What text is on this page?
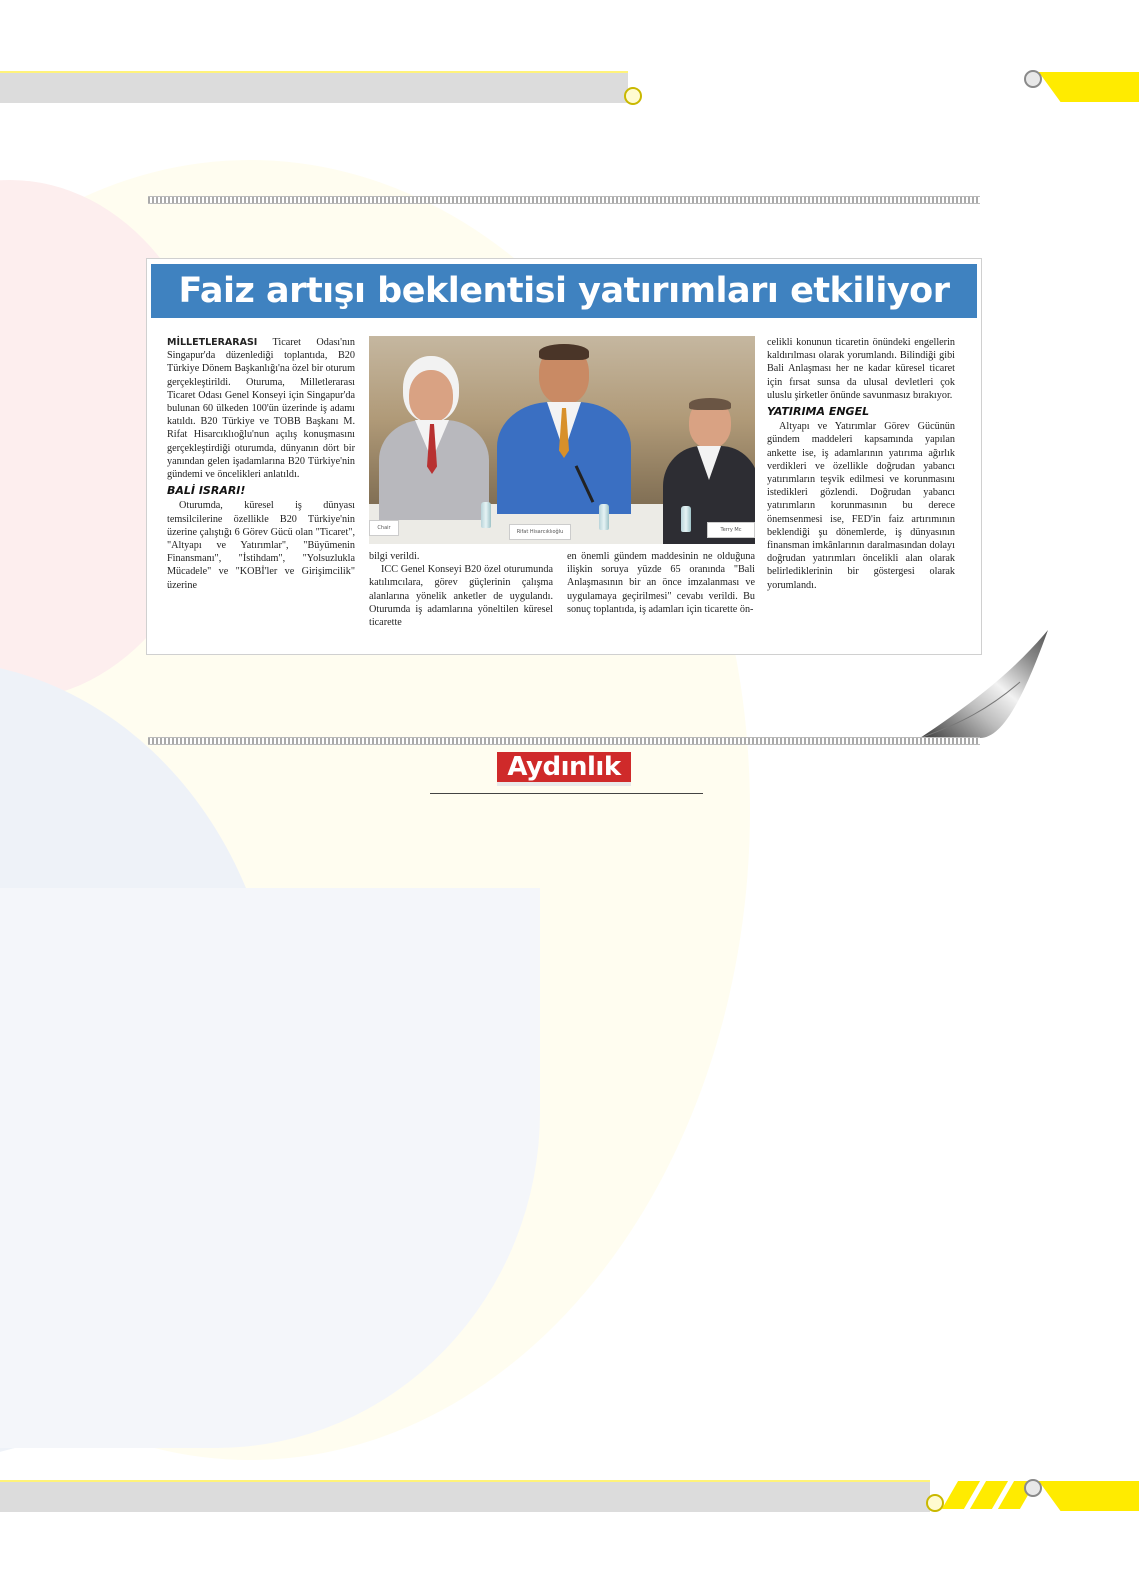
Faiz artışı beklentisi yatırımları etkiliyor

MİLLETLERARASI Ticaret Odası'nın Singapur'da düzenlediği toplantıda, B20 Türkiye Dönem Başkanlığı'na özel bir oturum gerçekleştirildi. Oturuma, Milletlerarası Ticaret Odası Genel Konseyi için Singapur'da bulunan 60 ülkeden 100'ün üzerinde iş adamı katıldı. B20 Türkiye ve TOBB Başkanı M. Rifat Hisarcıklıoğlu'nun açılış konuşmasını gerçekleştirdiği oturumda, dünyanın dört bir yanından gelen işadamlarına B20 Türkiye'nin gündemi ve öncelikleri anlatıldı.

BALİ ISRARI!

Oturumda, küresel iş dünyası temsilcilerine özellikle B20 Türkiye'nin üzerine çalıştığı 6 Görev Gücü olan "Ticaret", "Altyapı ve Yatırımlar", "Büyümenin Finansmanı", "İstihdam", "Yolsuzlukla Mücadele" ve "KOBİ'ler ve Girişimcilik" üzerine

Chair
Rifat Hisarcıklıoğlu	Terry Mc

bilgi verildi.

ICC Genel Konseyi B20 özel oturumunda katılımcılara, görev güçlerinin çalışma alanlarına yönelik anketler de uygulandı. Oturumda iş adamlarına yöneltilen küresel ticarette

en önemli gündem maddesinin ne olduğuna ilişkin soruya yüzde 65 oranında "Bali Anlaşmasının bir an önce imzalanması ve uygulamaya geçirilmesi" cevabı verildi. Bu sonuç toplantıda, iş adamları için ticarette ön-

celikli konunun ticaretin önündeki engellerin kaldırılması olarak yorumlandı. Bilindiği gibi Bali Anlaşması her ne kadar küresel ticaret için fırsat sunsa da ulusal devletleri çok uluslu şirketler önünde savunmasız bırakıyor.

YATIRIMA ENGEL

Altyapı ve Yatırımlar Görev Gücünün gündem maddeleri kapsamında yapılan ankette ise, iş adamlarının yatırıma ağırlık verdikleri ve özellikle doğrudan yabancı yatırımların teşvik edilmesi ve korunmasını istedikleri gözlendi. Doğrudan yabancı yatırımların korunmasının bu derece önemsenmesi ise, FED'in faiz artırımının beklendiği şu dönemlerde, iş dünyasının finansman imkânlarının daralmasından dolayı doğrudan yatırımları öncelikli alan olarak belirlediklerinin bir göstergesi olarak yorumlandı.

Aydınlık
